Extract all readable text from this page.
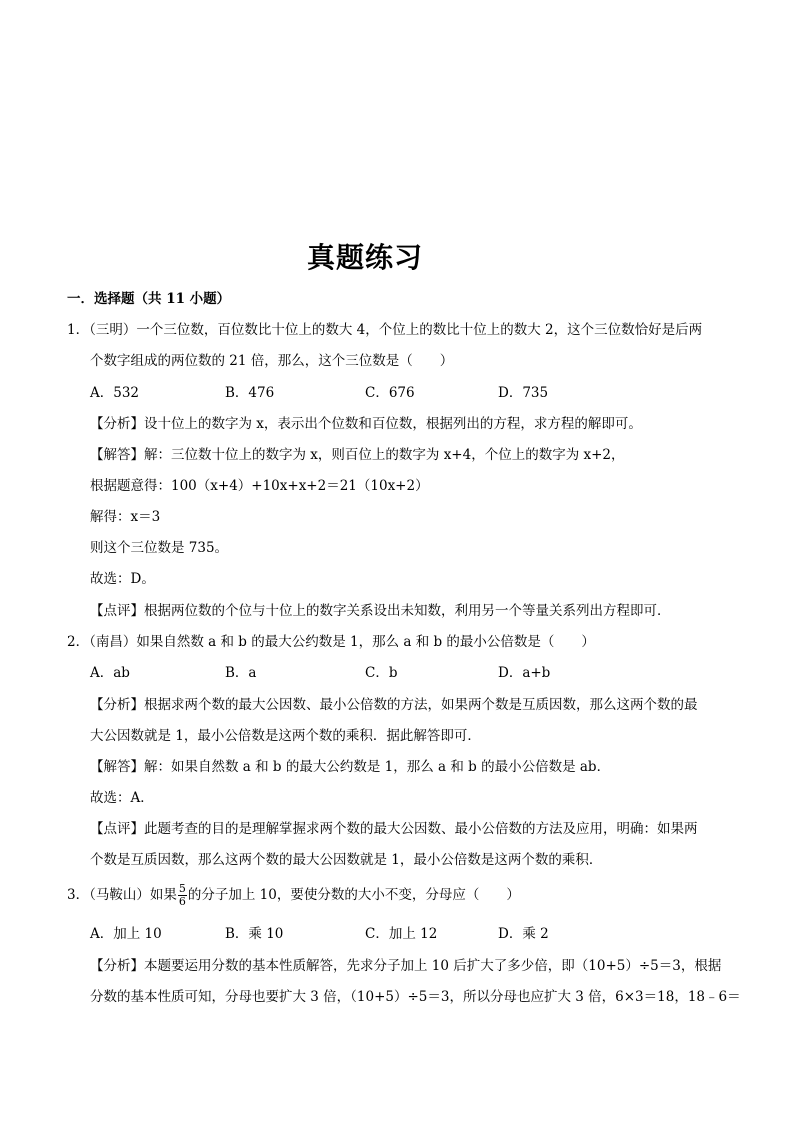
真题练习
一．选择题（共 11 小题）
1．（三明）一个三位数，百位数比十位上的数大 4，个位上的数比十位上的数大 2，这个三位数恰好是后两
个数字组成的两位数的 21 倍，那么，这个三位数是（　　）
A．532	B．476	C．676	D．735
【分析】设十位上的数字为 x，表示出个位数和百位数，根据列出的方程，求方程的解即可。
【解答】解：三位数十位上的数字为 x，则百位上的数字为 x+4，个位上的数字为 x+2，
根据题意得：100（x+4）+10x+x+2＝21（10x+2）
解得：x＝3
则这个三位数是 735。
故选：D。
【点评】根据两位数的个位与十位上的数字关系设出未知数，利用另一个等量关系列出方程即可．
2．（南昌）如果自然数 a 和 b 的最大公约数是 1，那么 a 和 b 的最小公倍数是（　　）
A．ab	B．a	C．b	D．a+b
【分析】根据求两个数的最大公因数、最小公倍数的方法，如果两个数是互质因数，那么这两个数的最
大公因数就是 1，最小公倍数是这两个数的乘积．据此解答即可．
【解答】解：如果自然数 a 和 b 的最大公约数是 1，那么 a 和 b 的最小公倍数是 ab．
故选：A．
【点评】此题考查的目的是理解掌握求两个数的最大公因数、最小公倍数的方法及应用，明确：如果两
个数是互质因数，那么这两个数的最大公因数就是 1，最小公倍数是这两个数的乘积．
3．（马鞍山）如果 $\frac{5}{6}$ 的分子加上 10，要使分数的大小不变，分母应（　　）
A．加上 10	B．乘 10	C．加上 12	D．乘 2
【分析】本题要运用分数的基本性质解答，先求分子加上 10 后扩大了多少倍，即（10+5）÷5＝3，根据
分数的基本性质可知，分母也要扩大 3 倍，（10+5）÷5＝3，所以分母也应扩大 3 倍，6×3＝18，18﹣6＝
